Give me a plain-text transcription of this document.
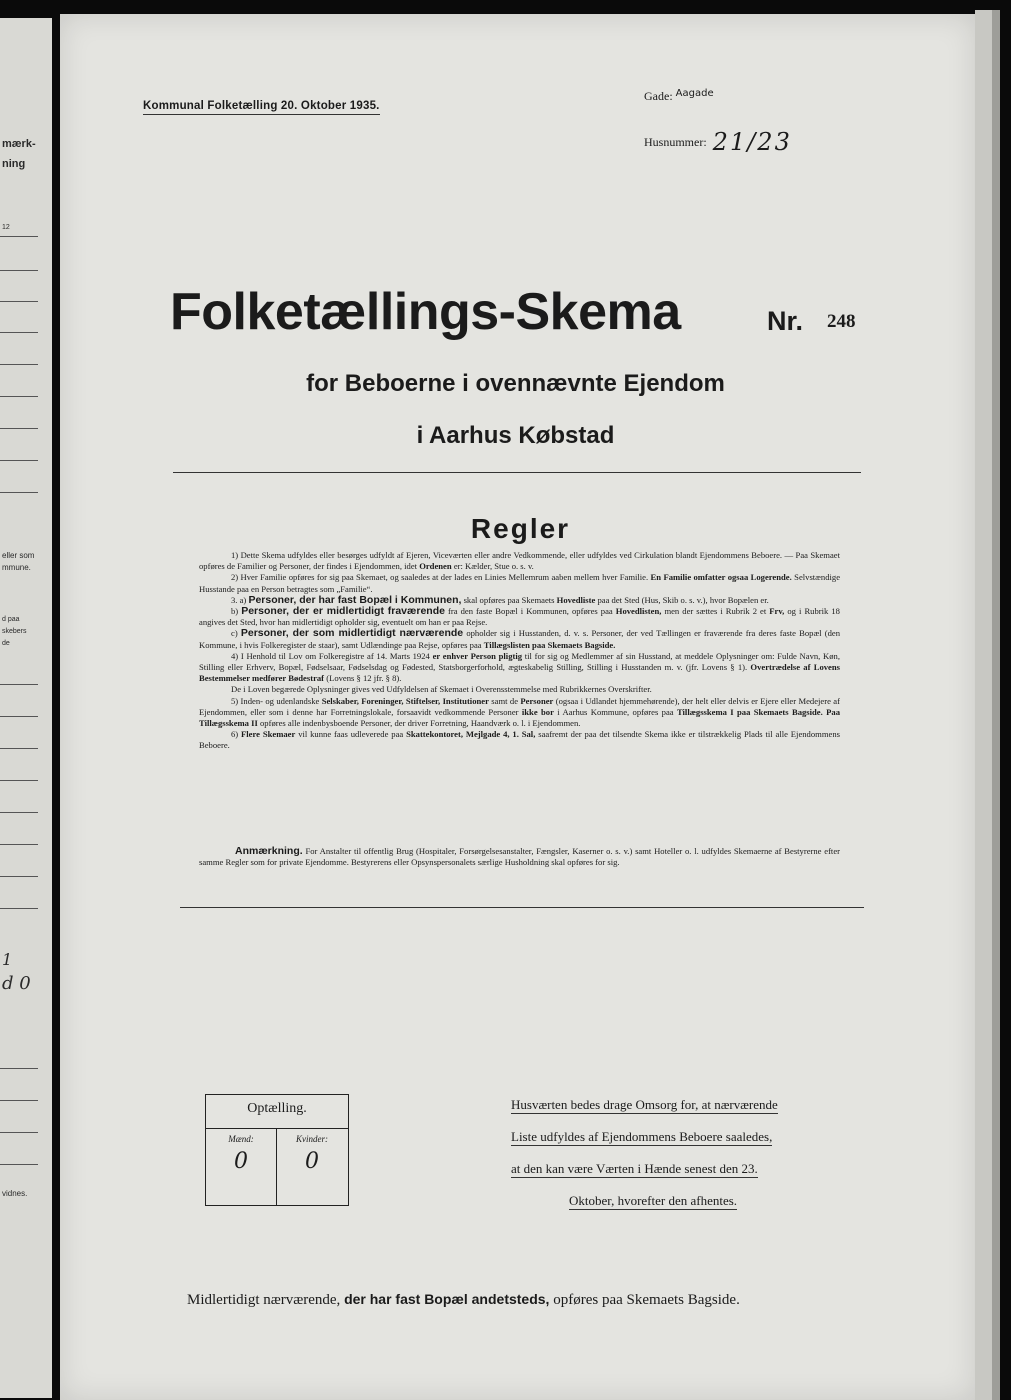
mærk-
ning
12
eller som
mmune.
d paa
skebers
de
1
d 0
vidnes.
Kommunal Folketælling 20. Oktober 1935.
Gade: $^{Aagade}$
Husnummer: 21/23
Folketællings-Skema	Nr. 248
for Beboerne i ovennævnte Ejendom
i Aarhus Købstad
Regler

1) Dette Skema udfyldes eller besørges udfyldt af Ejeren, Viceværten eller andre Vedkommende, eller udfyldes ved Cirkulation blandt Ejendommens Beboere. — Paa Skemaet opføres de Familier og Personer, der findes i Ejendommen, idet Ordenen er: Kælder, Stue o. s. v.

2) Hver Familie opføres for sig paa Skemaet, og saaledes at der lades en Linies Mellemrum aaben mellem hver Familie. En Familie omfatter ogsaa Logerende. Selvstændige Husstande paa en Person betragtes som „Familie“.

3. a) Personer, der har fast Bopæl i Kommunen, skal opføres paa Skemaets Hovedliste paa det Sted (Hus, Skib o. s. v.), hvor Bopælen er.

b) Personer, der er midlertidigt fraværende fra den faste Bopæl i Kommunen, opføres paa Hovedlisten, men der sættes i Rubrik 2 et Frv, og i Rubrik 18 angives det Sted, hvor han midlertidigt opholder sig, eventuelt om han er paa Rejse.

c) Personer, der som midlertidigt nærværende opholder sig i Husstanden, d. v. s. Personer, der ved Tællingen er fraværende fra deres faste Bopæl (den Kommune, i hvis Folkeregister de staar), samt Udlændinge paa Rejse, opføres paa Tillægslisten paa Skemaets Bagside.

4) I Henhold til Lov om Folkeregistre af 14. Marts 1924 er enhver Person pligtig til for sig og Medlemmer af sin Husstand, at meddele Oplysninger om: Fulde Navn, Køn, Stilling eller Erhverv, Bopæl, Fødselsaar, Fødselsdag og Fødested, Statsborgerforhold, ægteskabelig Stilling, Stilling i Husstanden m. v. (jfr. Lovens § 1). Overtrædelse af Lovens Bestemmelser medfører Bødestraf (Lovens § 12 jfr. § 8).

De i Loven begærede Oplysninger gives ved Udfyldelsen af Skemaet i Overensstemmelse med Rubrikkernes Overskrifter.

5) Inden- og udenlandske Selskaber, Foreninger, Stiftelser, Institutioner samt de Personer (ogsaa i Udlandet hjemmehørende), der helt eller delvis er Ejere eller Medejere af Ejendommen, eller som i denne har Forretningslokale, forsaavidt vedkommende Personer ikke bor i Aarhus Kommune, opføres paa Tillægsskema I paa Skemaets Bagside. Paa Tillægsskema II opføres alle indenbysboende Personer, der driver Forretning, Haandværk o. l. i Ejendommen.

6) Flere Skemaer vil kunne faas udleverede paa Skattekontoret, Mejlgade 4, 1. Sal, saafremt der paa det tilsendte Skema ikke er tilstrækkelig Plads til alle Ejendommens Beboere.

Anmærkning. For Anstalter til offentlig Brug (Hospitaler, Forsørgelsesanstalter, Fængsler, Kaserner o. s. v.) samt Hoteller o. l. udfyldes Skemaerne af Bestyrerne efter samme Regler som for private Ejendomme. Bestyrerens eller Opsynspersonalets særlige Husholdning skal opføres for sig.
Optælling.
Mænd:
0
Kvinder:
0
Husværten bedes drage Omsorg for, at nærværende
Liste udfyldes af Ejendommens Beboere saaledes,
at den kan være Værten i Hænde senest den 23.
Oktober, hvorefter den afhentes.
Midlertidigt nærværende, der har fast Bopæl andetsteds, opføres paa Skemaets Bagside.
